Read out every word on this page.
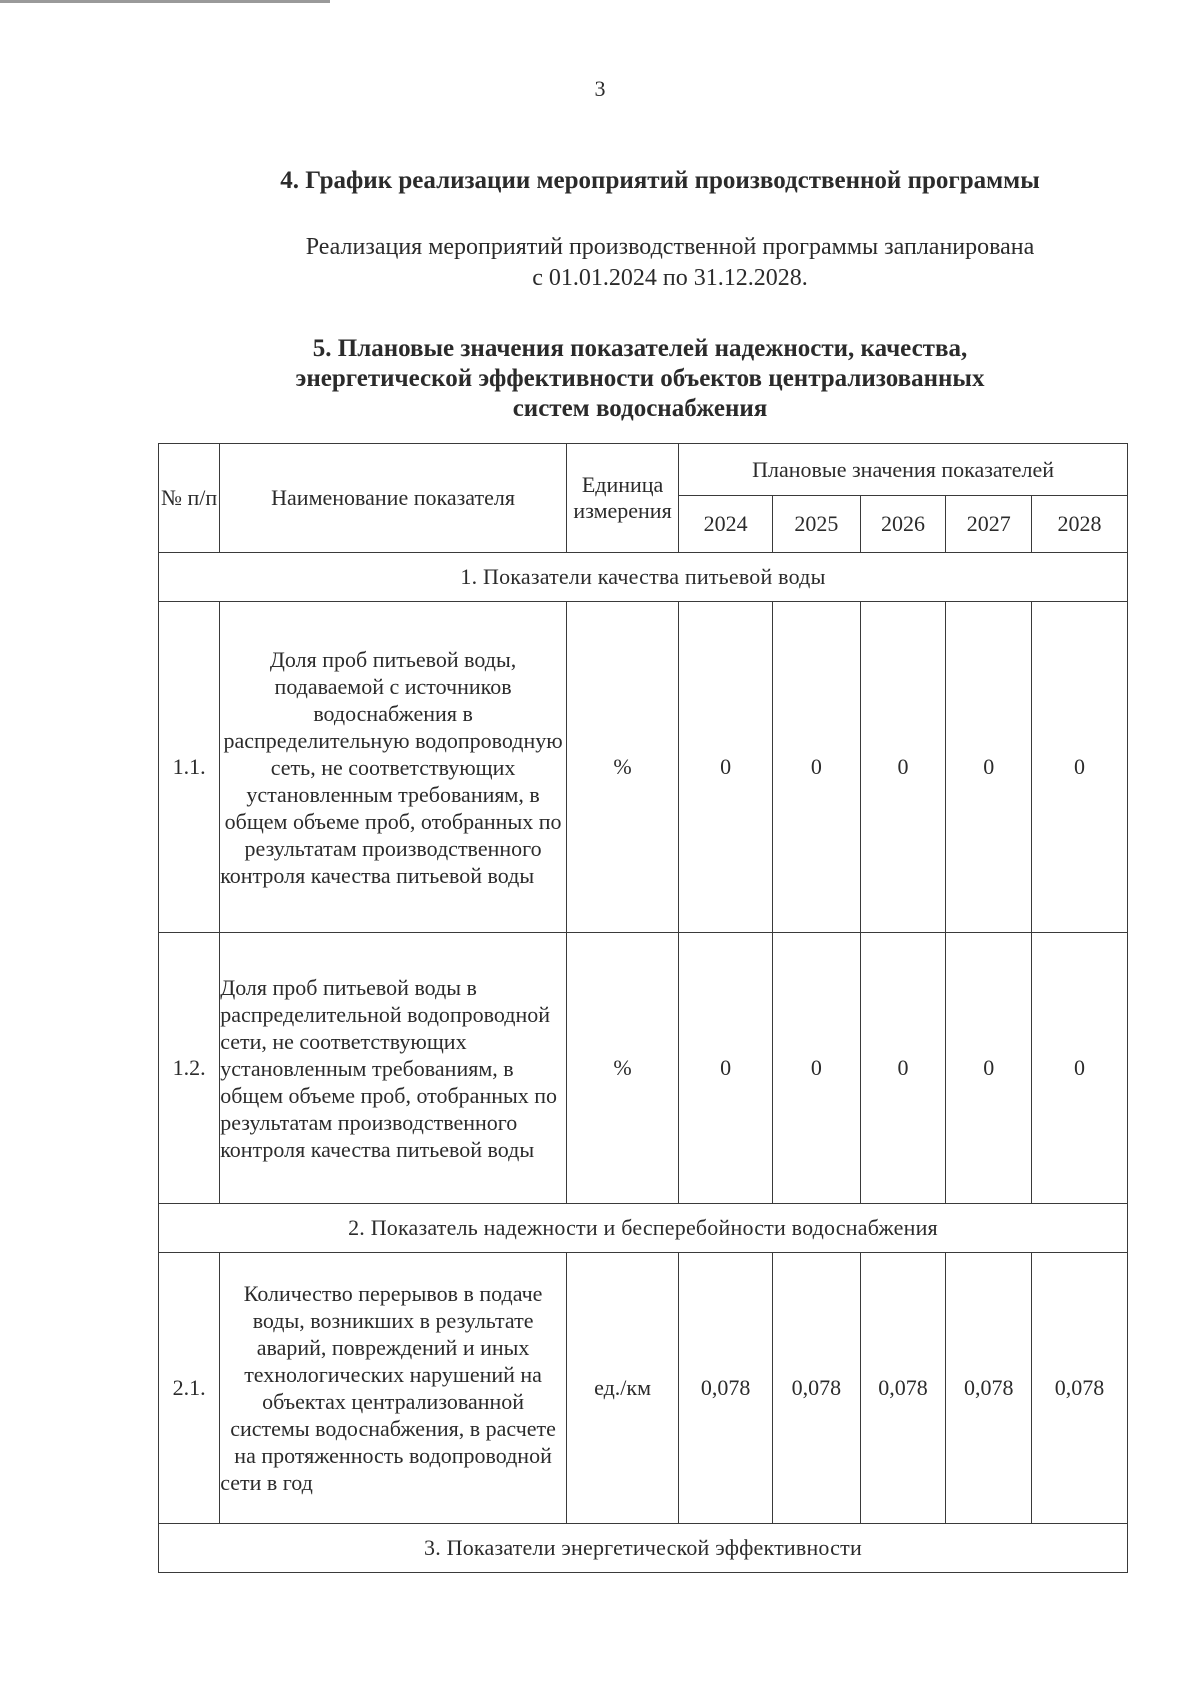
3
4. График реализации мероприятий производственной программы
Реализация мероприятий производственной программы запланирована
с 01.01.2024 по 31.12.2028.
5. Плановые значения показателей надежности, качества,
энергетической эффективности объектов централизованных
систем водоснабжения
№ п/п	Наименование показателя	Единица измерения	Плановые значения показателей				
			2024	2025	2026	2027	2028
1. Показатели качества питьевой воды							
1.1.	Доля проб питьевой воды, подаваемой с источников водоснабжения в распределительную водопроводную сеть, не соответствующих установленным требованиям, в общем объеме проб, отобранных по результатам производственного контроля качества питьевой воды	%	0	0	0	0	0
1.2.	Доля проб питьевой воды в распределительной водопроводной сети, не соответствующих установленным требованиям, в общем объеме проб, отобранных по результатам производственного контроля качества питьевой воды	%	0	0	0	0	0
2. Показатель надежности и бесперебойности водоснабжения							
2.1.	Количество перерывов в подаче воды, возникших в результате аварий, повреждений и иных технологических нарушений на объектах централизованной системы водоснабжения, в расчете на протяженность водопроводной сети в год	ед./км	0,078	0,078	0,078	0,078	0,078
3. Показатели энергетической эффективности							
